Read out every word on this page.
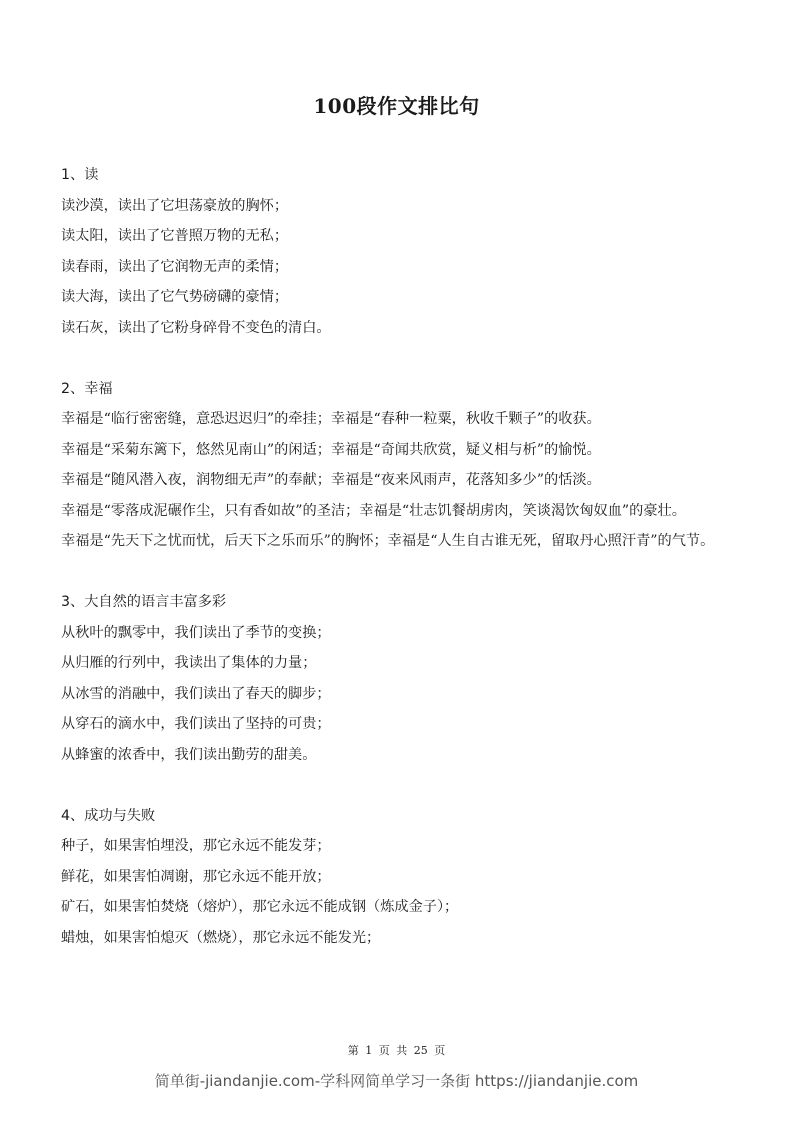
100段作文排比句
1、读
读沙漠，读出了它坦荡豪放的胸怀；
读太阳，读出了它普照万物的无私；
读春雨，读出了它润物无声的柔情；
读大海，读出了它气势磅礴的豪情；
读石灰，读出了它粉身碎骨不变色的清白。
2、幸福
幸福是“临行密密缝，意恐迟迟归”的牵挂；幸福是“春种一粒粟，秋收千颗子”的收获。
幸福是“采菊东篱下，悠然见南山”的闲适；幸福是“奇闻共欣赏，疑义相与析”的愉悦。
幸福是“随风潜入夜，润物细无声”的奉献；幸福是“夜来风雨声，花落知多少”的恬淡。
幸福是“零落成泥碾作尘，只有香如故”的圣洁；幸福是“壮志饥餐胡虏肉，笑谈渴饮匈奴血”的豪壮。
幸福是“先天下之忧而忧，后天下之乐而乐”的胸怀；幸福是“人生自古谁无死，留取丹心照汗青”的气节。
3、大自然的语言丰富多彩
从秋叶的飘零中，我们读出了季节的变换；
从归雁的行列中，我读出了集体的力量；
从冰雪的消融中，我们读出了春天的脚步；
从穿石的滴水中，我们读出了坚持的可贵；
从蜂蜜的浓香中，我们读出勤劳的甜美。
4、成功与失败
种子，如果害怕埋没，那它永远不能发芽；
鲜花，如果害怕凋谢，那它永远不能开放；
矿石，如果害怕焚烧（熔炉），那它永远不能成钢（炼成金子）；
蜡烛，如果害怕熄灭（燃烧），那它永远不能发光；
第 1 页 共 25 页
简单街-jiandanjie.com-学科网简单学习一条街 https://jiandanjie.com
